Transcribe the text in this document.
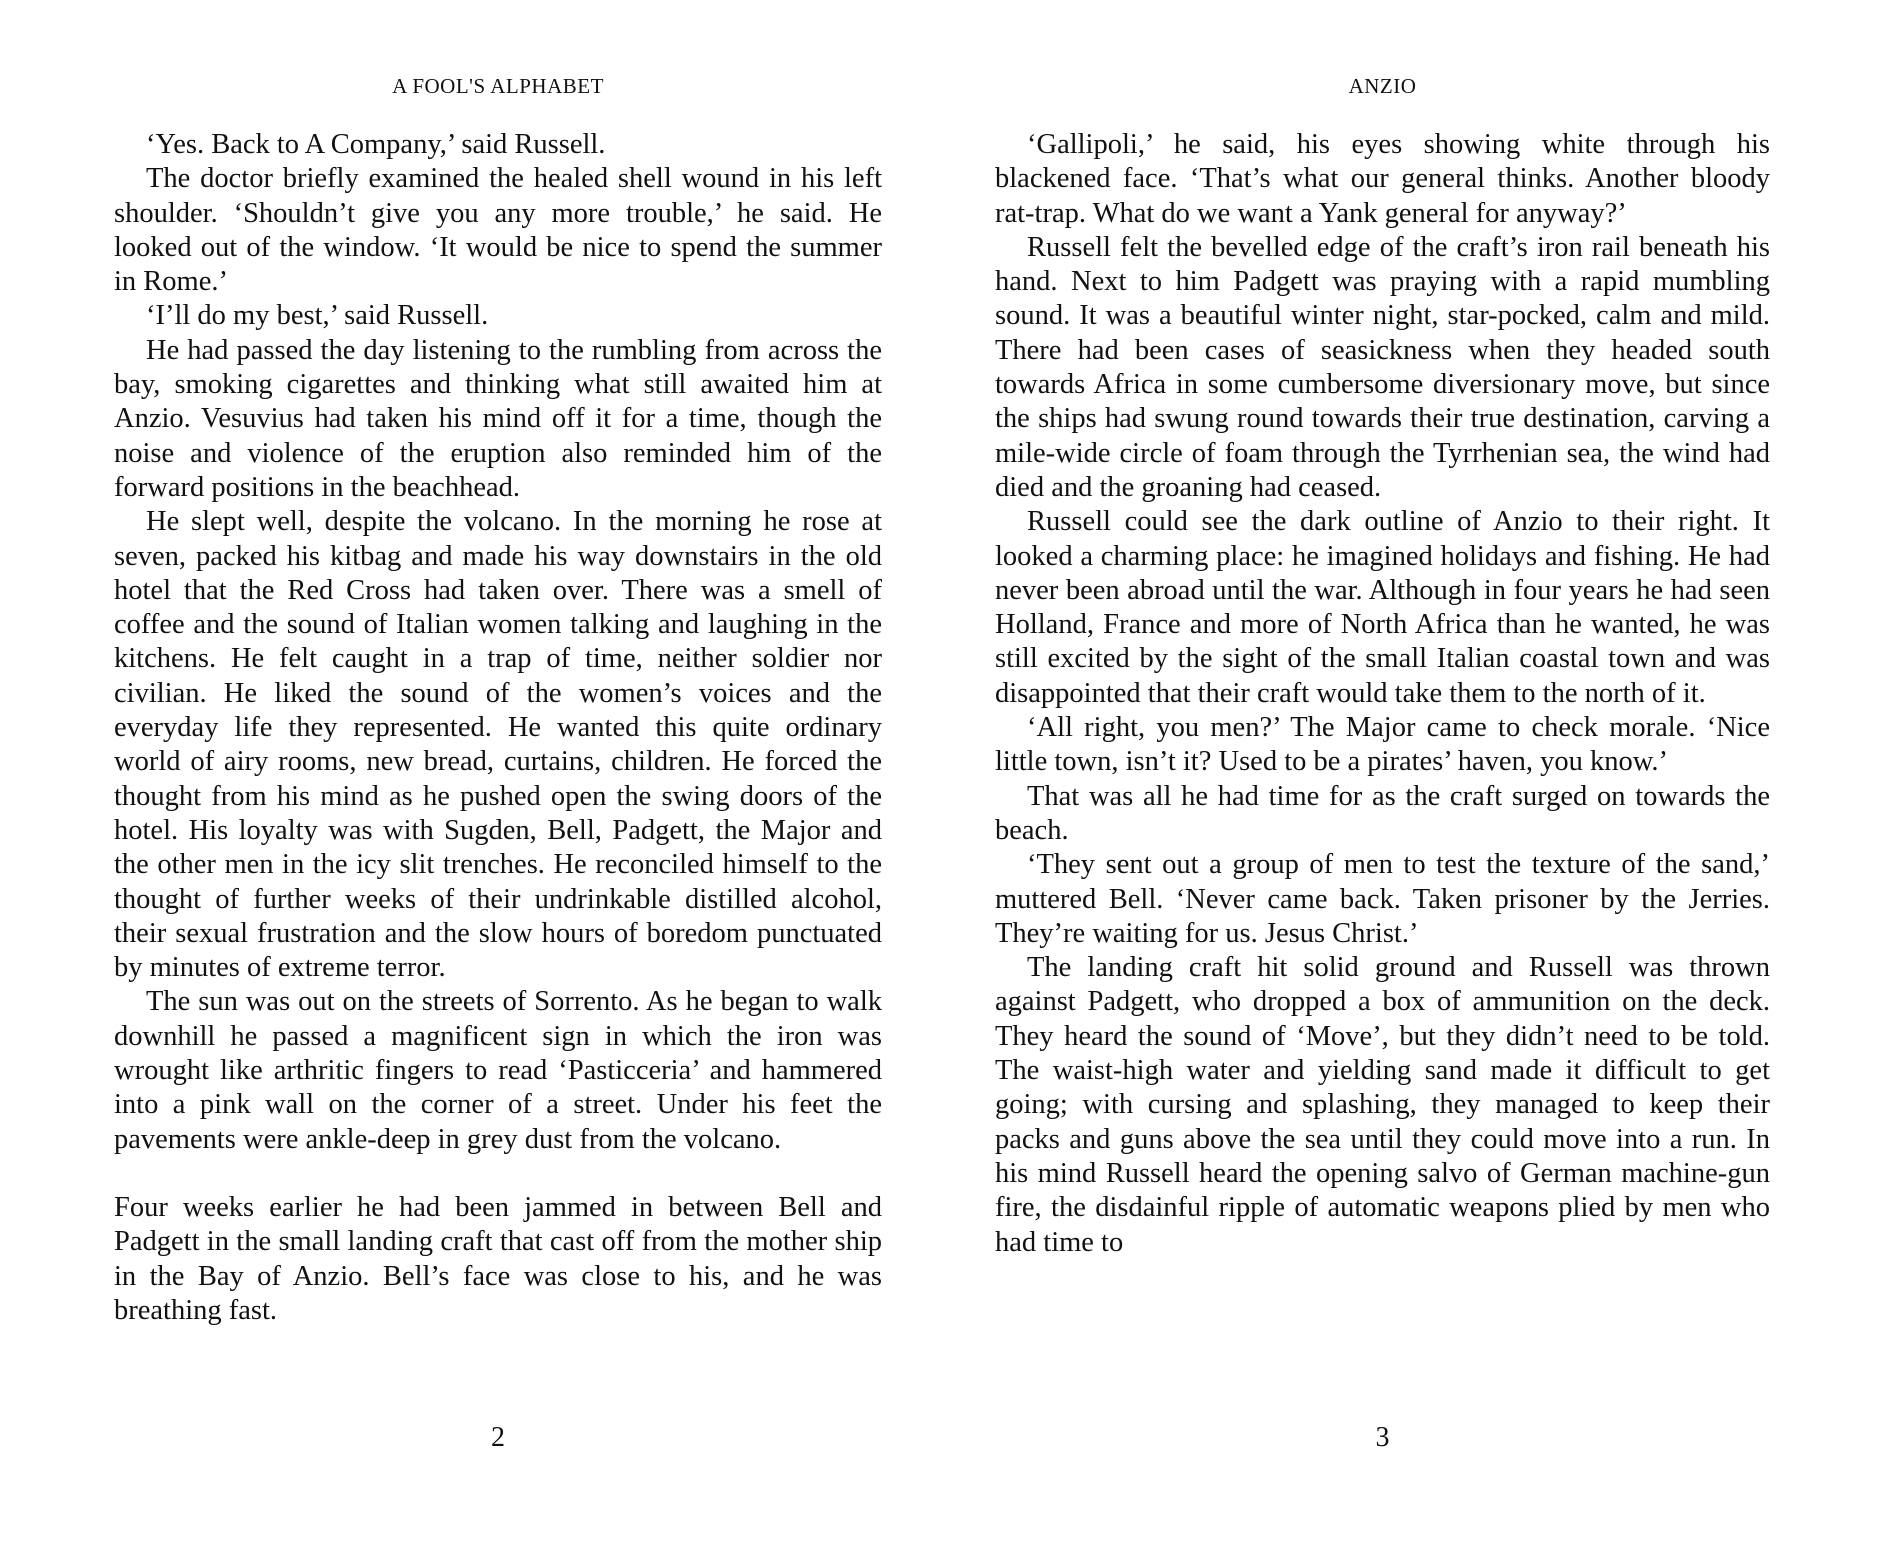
A FOOL'S ALPHABET

‘Yes. Back to A Company,’ said Russell.

The doctor briefly examined the healed shell wound in his left shoulder. ‘Shouldn’t give you any more trouble,’ he said. He looked out of the window. ‘It would be nice to spend the summer in Rome.’

‘I’ll do my best,’ said Russell.

He had passed the day listening to the rumbling from across the bay, smoking cigarettes and thinking what still awaited him at Anzio. Vesuvius had taken his mind off it for a time, though the noise and violence of the eruption also reminded him of the forward positions in the beachhead.

He slept well, despite the volcano. In the morning he rose at seven, packed his kitbag and made his way downstairs in the old hotel that the Red Cross had taken over. There was a smell of coffee and the sound of Italian women talking and laughing in the kitchens. He felt caught in a trap of time, neither soldier nor civilian. He liked the sound of the women’s voices and the everyday life they represented. He wanted this quite ordinary world of airy rooms, new bread, curtains, children. He forced the thought from his mind as he pushed open the swing doors of the hotel. His loyalty was with Sugden, Bell, Padgett, the Major and the other men in the icy slit trenches. He reconciled himself to the thought of further weeks of their undrinkable distilled alcohol, their sexual frustration and the slow hours of boredom punctuated by minutes of extreme terror.

The sun was out on the streets of Sorrento. As he began to walk downhill he passed a magnificent sign in which the iron was wrought like arthritic fingers to read ‘Pasticceria’ and hammered into a pink wall on the corner of a street. Under his feet the pavements were ankle-deep in grey dust from the volcano.

Four weeks earlier he had been jammed in between Bell and Padgett in the small landing craft that cast off from the mother ship in the Bay of Anzio. Bell’s face was close to his, and he was breathing fast.

2
ANZIO

‘Gallipoli,’ he said, his eyes showing white through his blackened face. ‘That’s what our general thinks. Another bloody rat-trap. What do we want a Yank general for anyway?’

Russell felt the bevelled edge of the craft’s iron rail beneath his hand. Next to him Padgett was praying with a rapid mumbling sound. It was a beautiful winter night, star-pocked, calm and mild. There had been cases of seasickness when they headed south towards Africa in some cumbersome diversionary move, but since the ships had swung round towards their true destination, carving a mile-wide circle of foam through the Tyrrhenian sea, the wind had died and the groaning had ceased.

Russell could see the dark outline of Anzio to their right. It looked a charming place: he imagined holidays and fishing. He had never been abroad until the war. Although in four years he had seen Holland, France and more of North Africa than he wanted, he was still excited by the sight of the small Italian coastal town and was disappointed that their craft would take them to the north of it.

‘All right, you men?’ The Major came to check morale. ‘Nice little town, isn’t it? Used to be a pirates’ haven, you know.’

That was all he had time for as the craft surged on towards the beach.

‘They sent out a group of men to test the texture of the sand,’ muttered Bell. ‘Never came back. Taken prisoner by the Jerries. They’re waiting for us. Jesus Christ.’

The landing craft hit solid ground and Russell was thrown against Padgett, who dropped a box of ammunition on the deck. They heard the sound of ‘Move’, but they didn’t need to be told. The waist-high water and yielding sand made it difficult to get going; with cursing and splashing, they managed to keep their packs and guns above the sea until they could move into a run. In his mind Russell heard the opening salvo of German machine-gun fire, the disdainful ripple of automatic weapons plied by men who had time to

3
